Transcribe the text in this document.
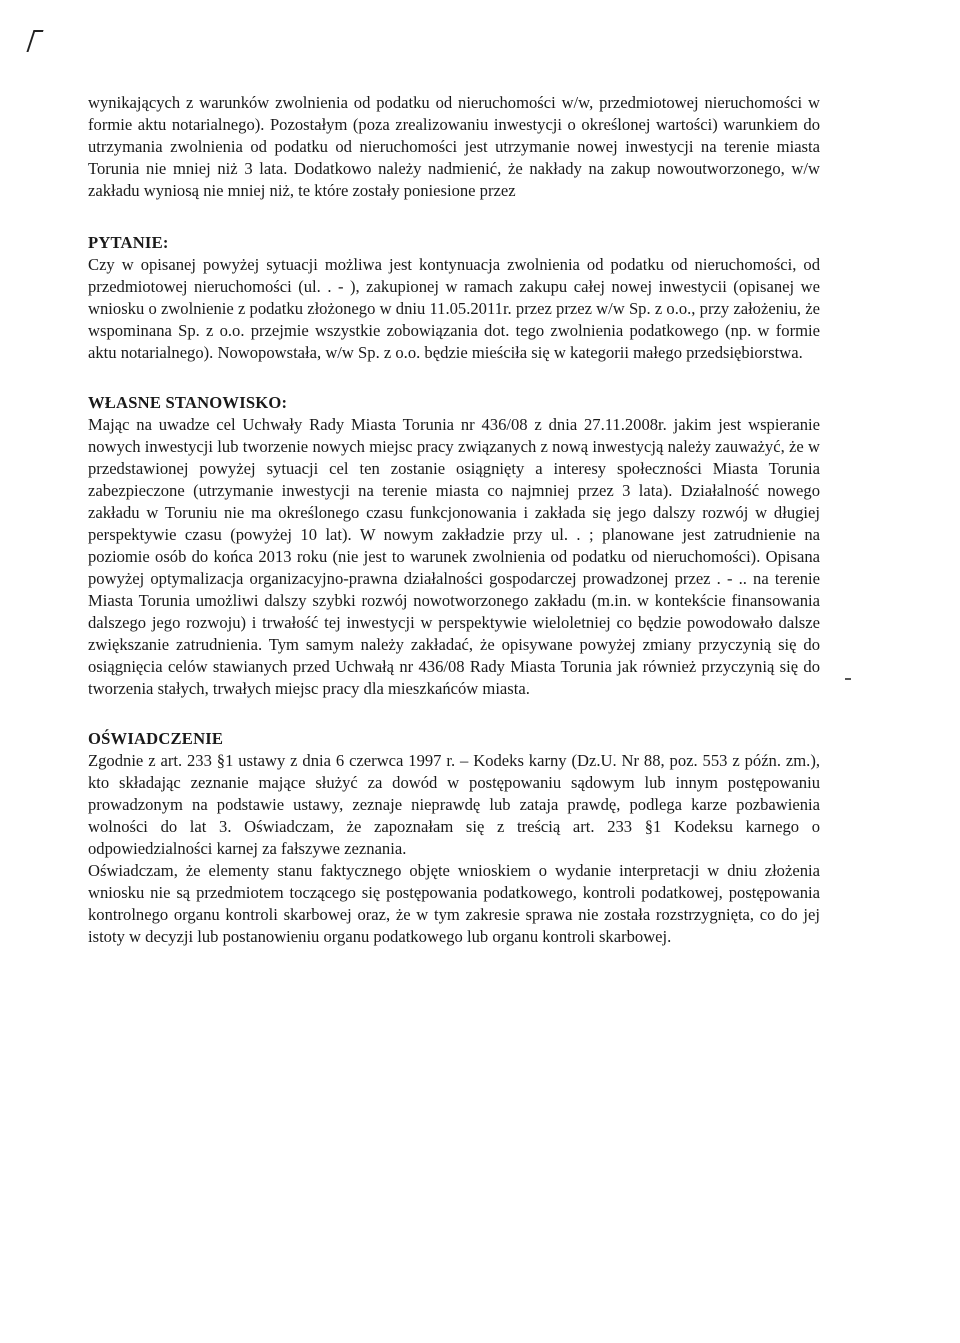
wynikających z warunków zwolnienia od podatku od nieruchomości w/w, przedmiotowej nieruchomości w formie aktu notarialnego). Pozostałym (poza zrealizowaniu inwestycji o określonej wartości) warunkiem do utrzymania zwolnienia od podatku od nieruchomości jest utrzymanie nowej inwestycji na terenie miasta Torunia nie mniej niż 3 lata. Dodatkowo należy nadmienić, że nakłady na zakup nowoutworzonego, w/w zakładu wyniosą nie mniej niż, te które zostały poniesione przez

PYTANIE:

Czy w opisanej powyżej sytuacji możliwa jest kontynuacja zwolnienia od podatku od nieruchomości, od przedmiotowej nieruchomości (ul. . - ), zakupionej w ramach zakupu całej nowej inwestycii (opisanej we wniosku o zwolnienie z podatku złożonego w dniu 11.05.2011r. przez przez w/w Sp. z o.o., przy założeniu, że wspominana Sp. z o.o. przejmie wszystkie zobowiązania dot. tego zwolnienia podatkowego (np. w formie aktu notarialnego). Nowopowstała, w/w Sp. z o.o. będzie mieściła się w kategorii małego przedsiębiorstwa.

WŁASNE STANOWISKO:

Mając na uwadze cel Uchwały Rady Miasta Torunia nr 436/08 z dnia 27.11.2008r. jakim jest wspieranie nowych inwestycji lub tworzenie nowych miejsc pracy związanych z nową inwestycją należy zauważyć, że w przedstawionej powyżej sytuacji cel ten zostanie osiągnięty a interesy społeczności Miasta Torunia zabezpieczone (utrzymanie inwestycji na terenie miasta co najmniej przez 3 lata). Działalność nowego zakładu w Toruniu nie ma określonego czasu funkcjonowania i zakłada się jego dalszy rozwój w długiej perspektywie czasu (powyżej 10 lat). W nowym zakładzie przy ul. . ; planowane jest zatrudnienie na poziomie osób do końca 2013 roku (nie jest to warunek zwolnienia od podatku od nieruchomości). Opisana powyżej optymalizacja organizacyjno-prawna działalności gospodarczej prowadzonej przez . - .. na terenie Miasta Torunia umożliwi dalszy szybki rozwój nowotworzonego zakładu (m.in. w kontekście finansowania dalszego jego rozwoju) i trwałość tej inwestycji w perspektywie wieloletniej co będzie powodowało dalsze zwiększanie zatrudnienia. Tym samym należy zakładać, że opisywane powyżej zmiany przyczynią się do osiągnięcia celów stawianych przed Uchwałą nr 436/08 Rady Miasta Torunia jak również przyczynią się do tworzenia stałych, trwałych miejsc pracy dla mieszkańców miasta.

OŚWIADCZENIE

Zgodnie z art. 233 §1 ustawy z dnia 6 czerwca 1997 r. – Kodeks karny (Dz.U. Nr 88, poz. 553 z późn. zm.), kto składając zeznanie mające służyć za dowód w postępowaniu sądowym lub innym postępowaniu prowadzonym na podstawie ustawy, zeznaje nieprawdę lub zataja prawdę, podlega karze pozbawienia wolności do lat 3. Oświadczam, że zapoznałam się z treścią art. 233 §1 Kodeksu karnego o odpowiedzialności karnej za fałszywe zeznania.

Oświadczam, że elementy stanu faktycznego objęte wnioskiem o wydanie interpretacji w dniu złożenia wniosku nie są przedmiotem toczącego się postępowania podatkowego, kontroli podatkowej, postępowania kontrolnego organu kontroli skarbowej oraz, że w tym zakresie sprawa nie została rozstrzygnięta, co do jej istoty w decyzji lub postanowieniu organu podatkowego lub organu kontroli skarbowej.
